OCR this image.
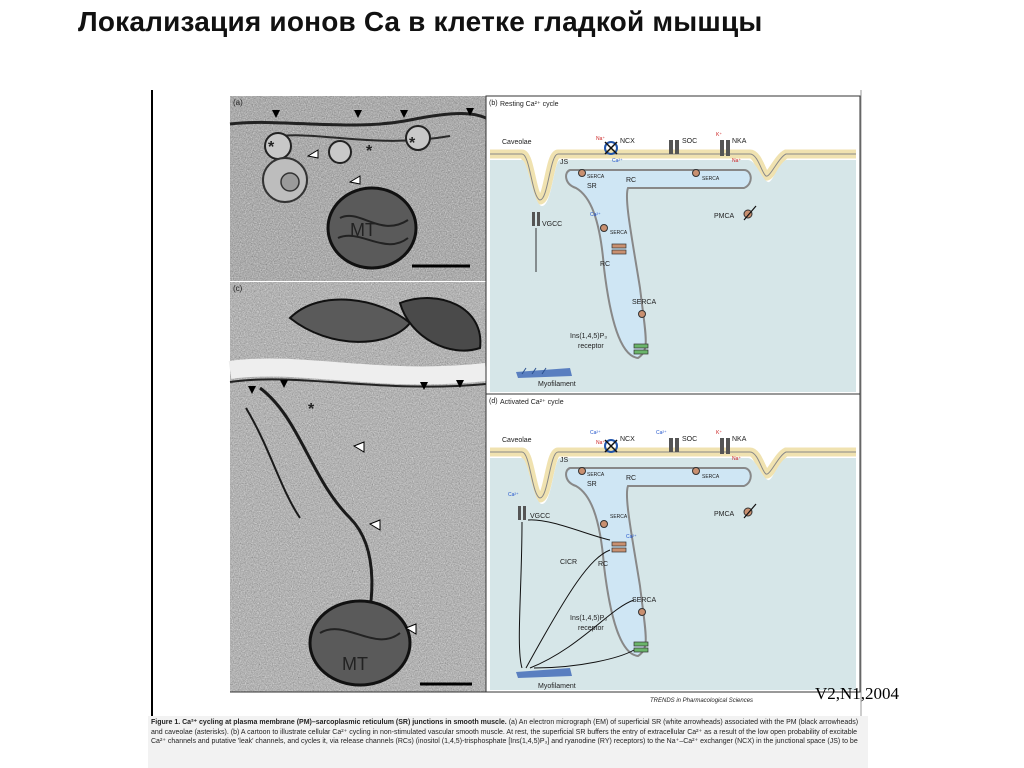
Локализация ионов Ca в клетке гладкой мышцы
*	* *
(a)
MT
*
(c)
MT
(b) Resting Ca²⁺ cycle
Caveolae	Na⁺ NCX
Ca²⁺
SOC
K⁺
NKA
Na⁺
JS
SERCA
SR
RC	SERCA
VGCC
Ca²⁺
SERCA
RC
PMCA
SERCA
Ins(1,4,5)P₃
receptor
Myofilament
(d) Activated Ca²⁺ cycle
Caveolae
Ca²⁺
Na⁺ NCX	SOC
Ca²⁺	K⁺
NKA
Na⁺
JS
SERCA
SR
RC	SERCA
Ca²⁺
VGCC	SERCA
Ca²⁺
CICR	RC
PMCA
SERCA
Ins(1,4,5)P₃
receptor
Myofilament
TRENDS in Pharmacological Sciences	V2,N1,2004
Figure 1. Ca²⁺ cycling at plasma membrane (PM)–sarcoplasmic reticulum (SR) junctions in smooth muscle. (a) An electron micrograph (EM) of superficial SR (white arrowheads) associated with the PM (black arrowheads) and caveolae (asterisks). (b) A cartoon to illustrate cellular Ca²⁺ cycling in non-stimulated vascular smooth muscle. At rest, the superficial SR buffers the entry of extracellular Ca²⁺ as a result of the low open probability of excitable Ca²⁺ channels and putative 'leak' channels, and cycles it, via release channels (RCs) (inositol (1,4,5)-trisphosphate [Ins(1,4,5)P₃] and ryanodine (RY) receptors) to the Na⁺–Ca²⁺ exchanger (NCX) in the junctional space (JS) to be
